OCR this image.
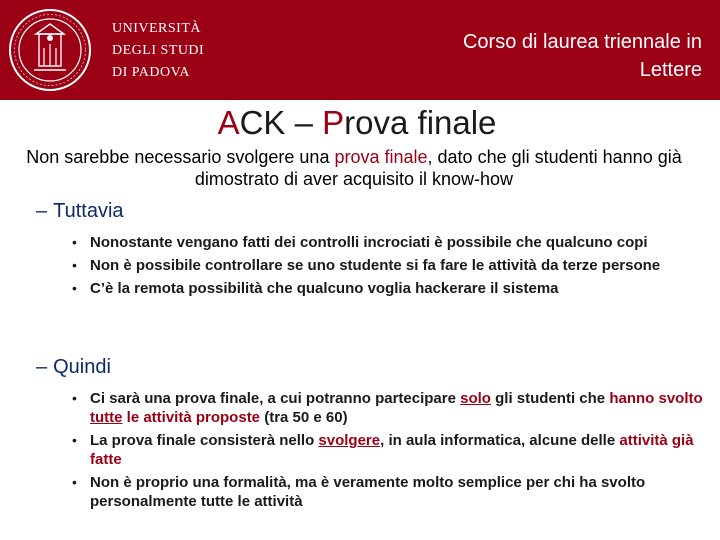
UNIVERSITÀ
DEGLI STUDI
DI PADOVA
Corso di laurea triennale in
Lettere
ACK – Prova finale
Non sarebbe necessario svolgere una prova finale, dato che gli studenti hanno già dimostrato di aver acquisito il know-how
– Tuttavia
• Nonostante vengano fatti dei controlli incrociati è possibile che qualcuno copi
• Non è possibile controllare se uno studente si fa fare le attività da terze persone
• C’è la remota possibilità che qualcuno voglia hackerare il sistema
– Quindi
• Ci sarà una prova finale, a cui potranno partecipare solo gli studenti che hanno svolto tutte le attività proposte (tra 50 e 60)
• La prova finale consisterà nello svolgere, in aula informatica, alcune delle attività già fatte
• Non è proprio una formalità, ma è veramente molto semplice per chi ha svolto personalmente tutte le attività
